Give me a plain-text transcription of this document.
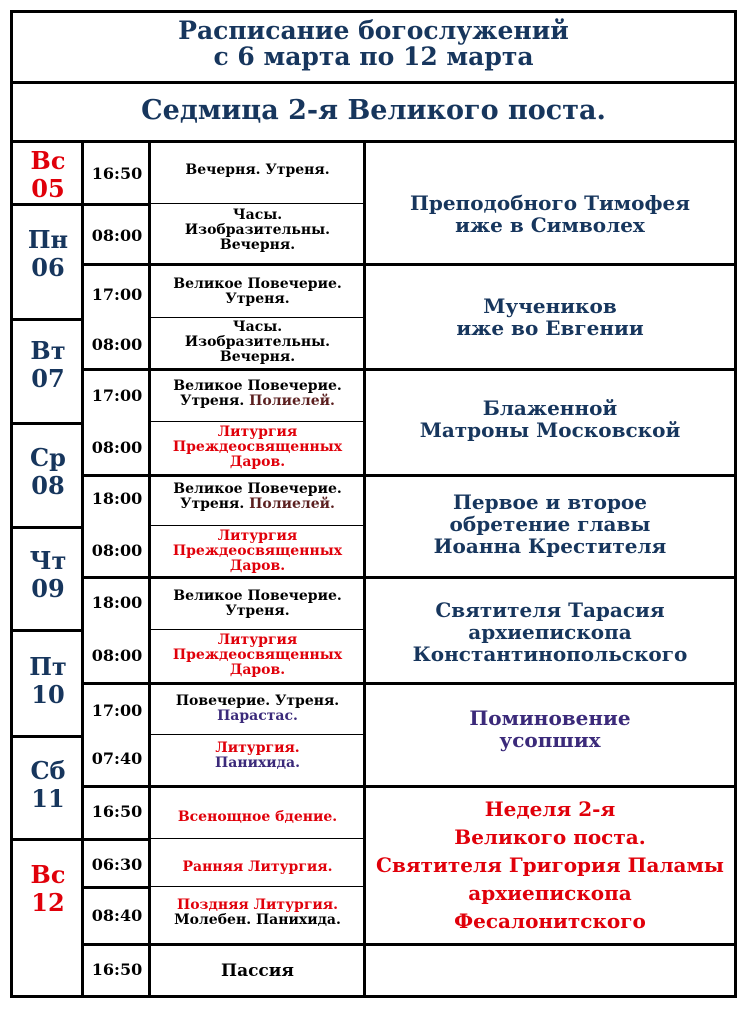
Расписание богослужений
с 6 марта по 12 марта
Седмица 2-я Великого поста.
Вс
05
Пн
06
Вт
07
Ср
08
Чт
09
Пт
10
Сб
11
Вс
12
16:50
08:00
17:00
08:00
17:00
08:00
18:00
08:00
18:00
08:00
17:00
07:40
16:50
06:30
08:40
16:50
Вечерня. Утреня.
Часы.
Изобразительны.
Вечерня.
Великое Повечерие.
Утреня.
Часы.
Изобразительны.
Вечерня.
Великое Повечерие.
Утреня. Полиелей.
Литургия
Преждеосвященных
Даров.
Великое Повечерие.
Утреня. Полиелей.
Литургия
Преждеосвященных
Даров.
Великое Повечерие.
Утреня.
Литургия
Преждеосвященных
Даров.
Повечерие. Утреня.
Парастас.
Литургия.
Панихида.
Всенощное бдение.
Ранняя Литургия.
Поздняя Литургия.
Молебен. Панихида.
Пассия
Преподобного Тимофея
иже в Символех
Мучеников
иже во Евгении
Блаженной
Матроны Московской
Первое и второе
обретение главы
Иоанна Крестителя
Святителя Тарасия
архиепископа
Константинопольского
Поминовение
усопших
Неделя 2-я
Великого поста.
Святителя Григория Паламы
архиепископа
Фесалонитского
